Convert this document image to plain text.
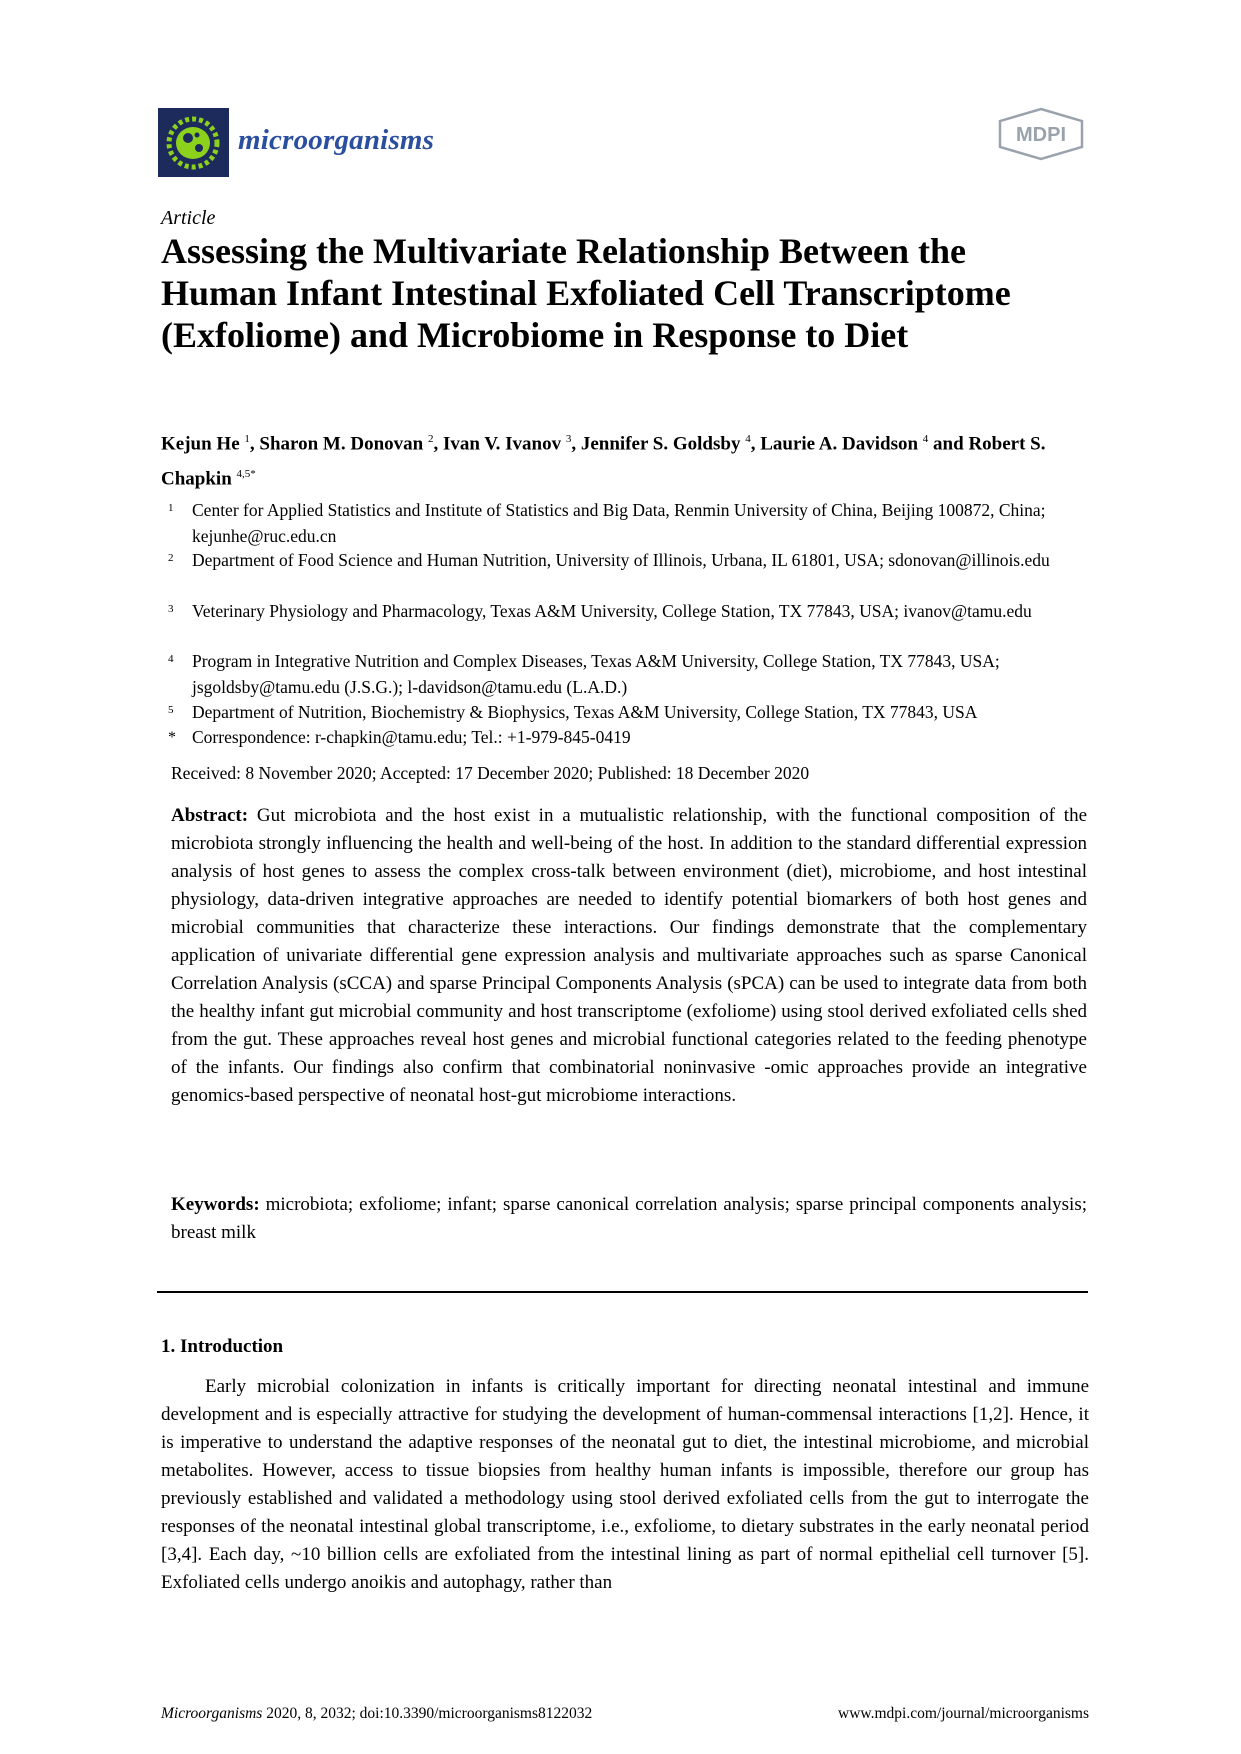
microorganisms	MDPI
Article
Assessing the Multivariate Relationship Between the Human Infant Intestinal Exfoliated Cell Transcriptome (Exfoliome) and Microbiome in Response to Diet
Kejun He $^1$, Sharon M. Donovan $^2$, Ivan V. Ivanov $^3$, Jennifer S. Goldsby $^4$, Laurie A. Davidson $^4$ and Robert S. Chapkin $^{4,5*}$
1 Center for Applied Statistics and Institute of Statistics and Big Data, Renmin University of China, Beijing 100872, China; kejunhe@ruc.edu.cn
2 Department of Food Science and Human Nutrition, University of Illinois, Urbana, IL 61801, USA; sdonovan@illinois.edu
3 Veterinary Physiology and Pharmacology, Texas A&M University, College Station, TX 77843, USA; ivanov@tamu.edu
4 Program in Integrative Nutrition and Complex Diseases, Texas A&M University, College Station, TX 77843, USA; jsgoldsby@tamu.edu (J.S.G.); l-davidson@tamu.edu (L.A.D.)
5 Department of Nutrition, Biochemistry & Biophysics, Texas A&M University, College Station, TX 77843, USA
* Correspondence: r-chapkin@tamu.edu; Tel.: +1-979-845-0419
Received: 8 November 2020; Accepted: 17 December 2020; Published: 18 December 2020
Abstract: Gut microbiota and the host exist in a mutualistic relationship, with the functional composition of the microbiota strongly influencing the health and well-being of the host. In addition to the standard differential expression analysis of host genes to assess the complex cross-talk between environment (diet), microbiome, and host intestinal physiology, data-driven integrative approaches are needed to identify potential biomarkers of both host genes and microbial communities that characterize these interactions. Our findings demonstrate that the complementary application of univariate differential gene expression analysis and multivariate approaches such as sparse Canonical Correlation Analysis (sCCA) and sparse Principal Components Analysis (sPCA) can be used to integrate data from both the healthy infant gut microbial community and host transcriptome (exfoliome) using stool derived exfoliated cells shed from the gut. These approaches reveal host genes and microbial functional categories related to the feeding phenotype of the infants. Our findings also confirm that combinatorial noninvasive -omic approaches provide an integrative genomics-based perspective of neonatal host-gut microbiome interactions.
Keywords: microbiota; exfoliome; infant; sparse canonical correlation analysis; sparse principal components analysis; breast milk
1. Introduction
Early microbial colonization in infants is critically important for directing neonatal intestinal and immune development and is especially attractive for studying the development of human-commensal interactions [1,2]. Hence, it is imperative to understand the adaptive responses of the neonatal gut to diet, the intestinal microbiome, and microbial metabolites. However, access to tissue biopsies from healthy human infants is impossible, therefore our group has previously established and validated a methodology using stool derived exfoliated cells from the gut to interrogate the responses of the neonatal intestinal global transcriptome, i.e., exfoliome, to dietary substrates in the early neonatal period [3,4]. Each day, ~10 billion cells are exfoliated from the intestinal lining as part of normal epithelial cell turnover [5]. Exfoliated cells undergo anoikis and autophagy, rather than
Microorganisms 2020, 8, 2032; doi:10.3390/microorganisms8122032	www.mdpi.com/journal/microorganisms
